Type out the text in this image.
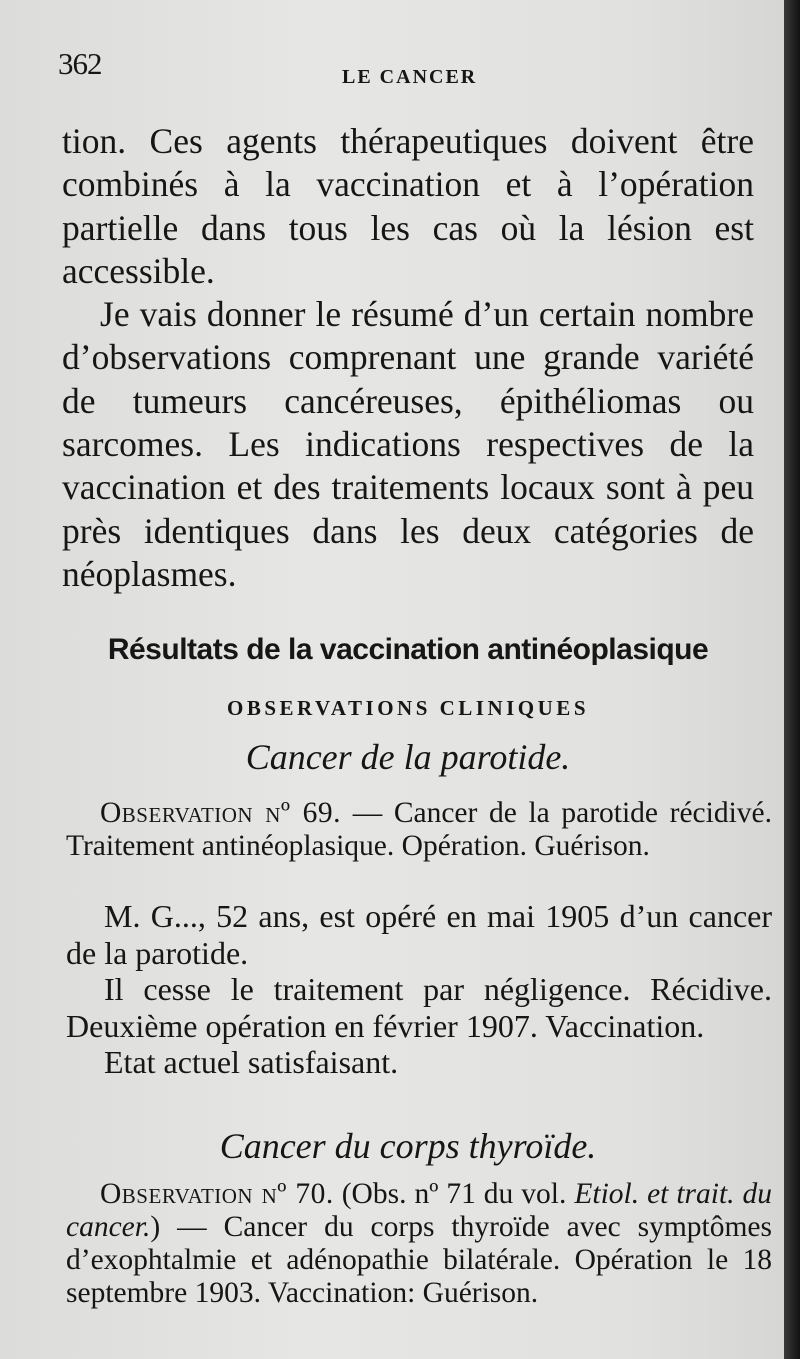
362	LE CANCER

tion. Ces agents thérapeutiques doivent être combinés à la vaccination et à l’opération partielle dans tous les cas où la lésion est accessible.

Je vais donner le résumé d’un certain nombre d’observations comprenant une grande variété de tumeurs cancéreuses, épithéliomas ou sarcomes. Les indications respectives de la vaccination et des traitements locaux sont à peu près identiques dans les deux catégories de néoplasmes.

Résultats de la vaccination antinéoplasique
OBSERVATIONS CLINIQUES
Cancer de la parotide.

Observation nº 69. — Cancer de la parotide récidivé. Traitement antinéoplasique. Opération. Guérison.

M. G..., 52 ans, est opéré en mai 1905 d’un cancer de la parotide.

Il cesse le traitement par négligence. Récidive. Deuxième opération en février 1907. Vaccination.

Etat actuel satisfaisant.

Cancer du corps thyroïde.

Observation nº 70. (Obs. nº 71 du vol. Etiol. et trait. du cancer.) — Cancer du corps thyroïde avec symptômes d’exophtalmie et adénopathie bilatérale. Opération le 18 septembre 1903. Vaccination: Guérison.
